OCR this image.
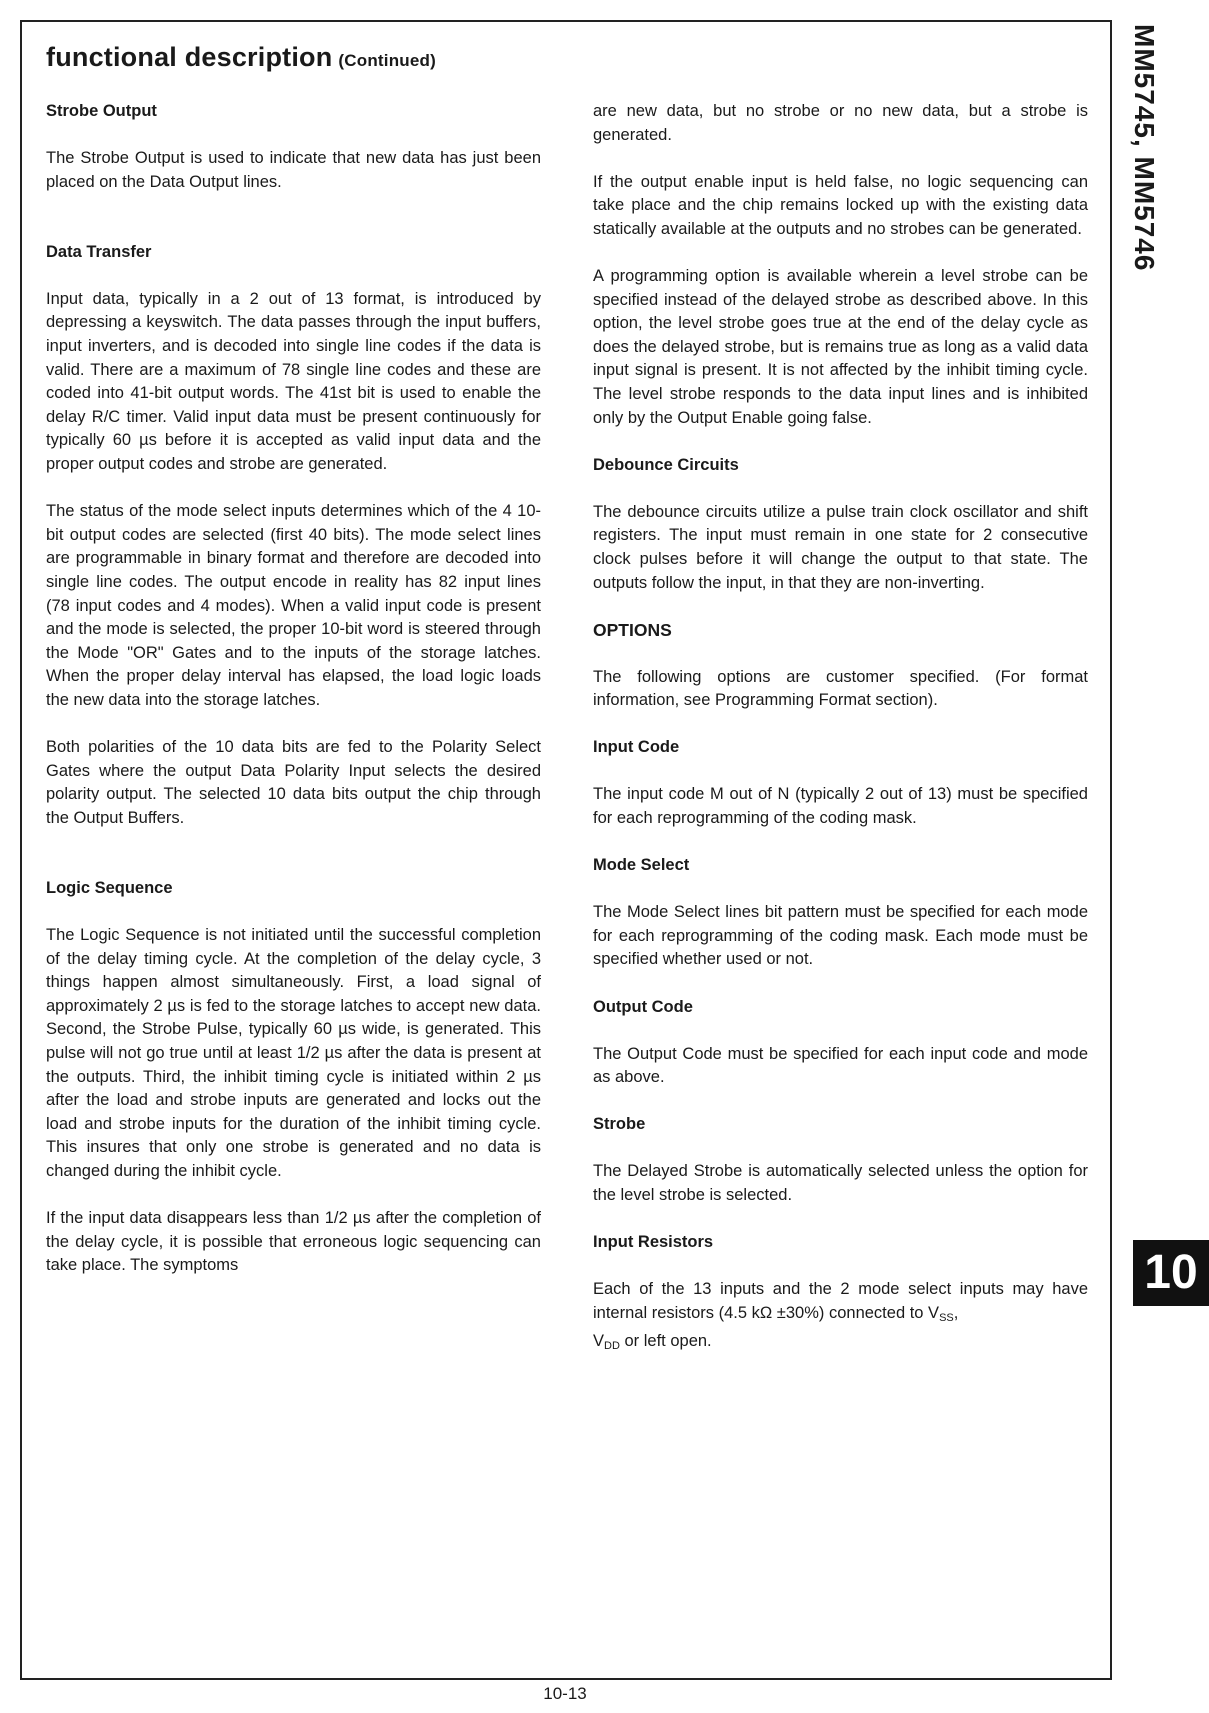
functional description (Continued)
Strobe Output

The Strobe Output is used to indicate that new data has just been placed on the Data Output lines.

Data Transfer

Input data, typically in a 2 out of 13 format, is introduced by depressing a keyswitch. The data passes through the input buffers, input inverters, and is decoded into single line codes if the data is valid. There are a maximum of 78 single line codes and these are coded into 41-bit output words. The 41st bit is used to enable the delay R/C timer. Valid input data must be present continuously for typically 60 µs before it is accepted as valid input data and the proper output codes and strobe are generated.

The status of the mode select inputs determines which of the 4 10-bit output codes are selected (first 40 bits). The mode select lines are programmable in binary format and therefore are decoded into single line codes. The output encode in reality has 82 input lines (78 input codes and 4 modes). When a valid input code is present and the mode is selected, the proper 10-bit word is steered through the Mode "OR" Gates and to the inputs of the storage latches. When the proper delay interval has elapsed, the load logic loads the new data into the storage latches.

Both polarities of the 10 data bits are fed to the Polarity Select Gates where the output Data Polarity Input selects the desired polarity output. The selected 10 data bits output the chip through the Output Buffers.

Logic Sequence

The Logic Sequence is not initiated until the successful completion of the delay timing cycle. At the completion of the delay cycle, 3 things happen almost simultaneously. First, a load signal of approximately 2 µs is fed to the storage latches to accept new data. Second, the Strobe Pulse, typically 60 µs wide, is generated. This pulse will not go true until at least 1/2 µs after the data is present at the outputs. Third, the inhibit timing cycle is initiated within 2 µs after the load and strobe inputs are generated and locks out the load and strobe inputs for the duration of the inhibit timing cycle. This insures that only one strobe is generated and no data is changed during the inhibit cycle.

If the input data disappears less than 1/2 µs after the completion of the delay cycle, it is possible that erroneous logic sequencing can take place. The symptoms

are new data, but no strobe or no new data, but a strobe is generated.

If the output enable input is held false, no logic sequencing can take place and the chip remains locked up with the existing data statically available at the outputs and no strobes can be generated.

A programming option is available wherein a level strobe can be specified instead of the delayed strobe as described above. In this option, the level strobe goes true at the end of the delay cycle as does the delayed strobe, but is remains true as long as a valid data input signal is present. It is not affected by the inhibit timing cycle. The level strobe responds to the data input lines and is inhibited only by the Output Enable going false.

Debounce Circuits

The debounce circuits utilize a pulse train clock oscillator and shift registers. The input must remain in one state for 2 consecutive clock pulses before it will change the output to that state. The outputs follow the input, in that they are non-inverting.

OPTIONS

The following options are customer specified. (For format information, see Programming Format section).

Input Code

The input code M out of N (typically 2 out of 13) must be specified for each reprogramming of the coding mask.

Mode Select

The Mode Select lines bit pattern must be specified for each mode for each reprogramming of the coding mask. Each mode must be specified whether used or not.

Output Code

The Output Code must be specified for each input code and mode as above.

Strobe

The Delayed Strobe is automatically selected unless the option for the level strobe is selected.

Input Resistors

Each of the 13 inputs and the 2 mode select inputs may have internal resistors (4.5 kΩ ±30%) connected to $V_{SS}$,
$V_{DD}$ or left open.

MM5745, MM5746
10
10-13
